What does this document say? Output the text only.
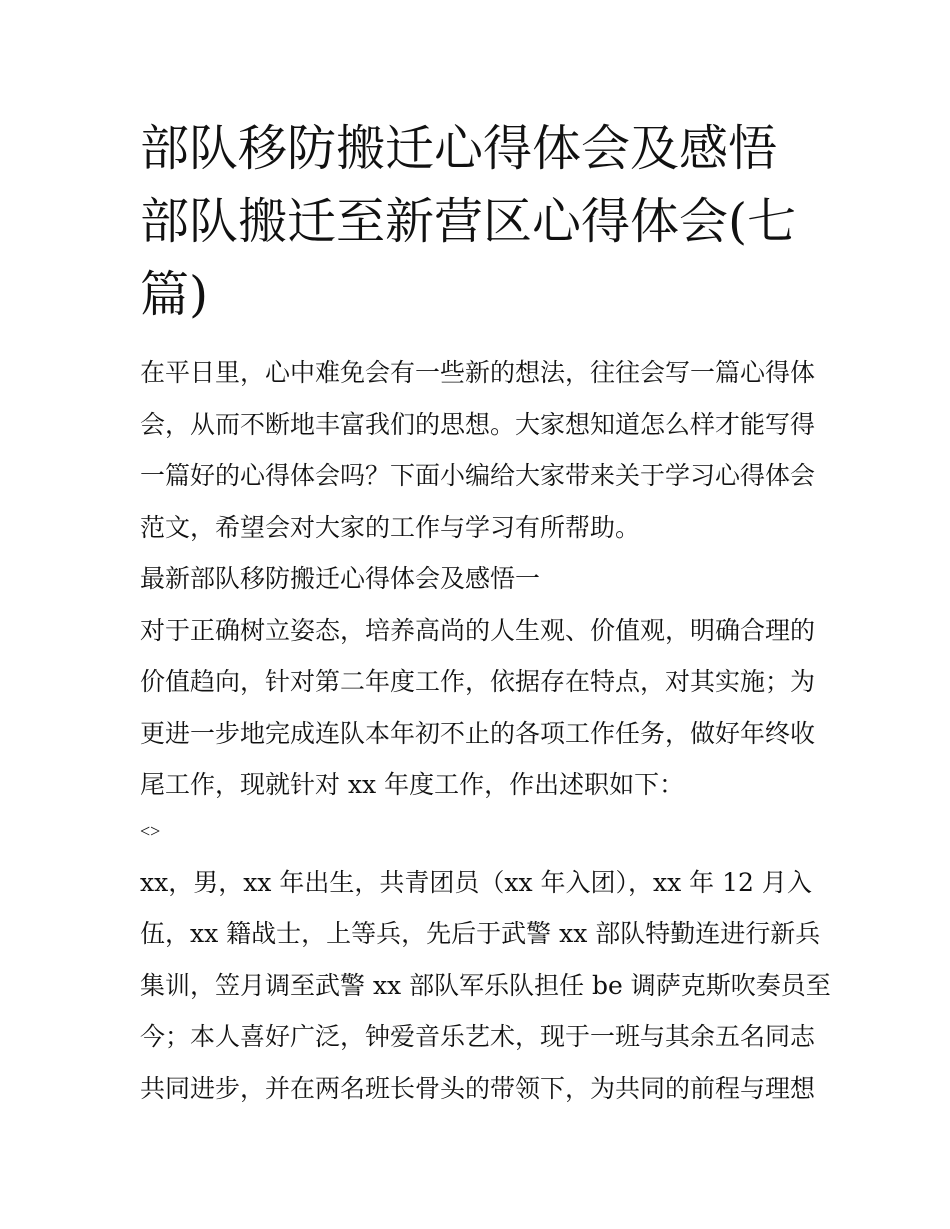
部队移防搬迁心得体会及感悟
部队搬迁至新营区心得体会(七
篇)
在平日里，心中难免会有一些新的想法，往往会写一篇心得体
会，从而不断地丰富我们的思想。大家想知道怎么样才能写得
一篇好的心得体会吗？下面小编给大家带来关于学习心得体会
范文，希望会对大家的工作与学习有所帮助。
最新部队移防搬迁心得体会及感悟一
对于正确树立姿态，培养高尚的人生观、价值观，明确合理的
价值趋向，针对第二年度工作，依据存在特点，对其实施；为
更进一步地完成连队本年初不止的各项工作任务，做好年终收
尾工作，现就针对 xx 年度工作，作出述职如下：
<>
xx，男，xx 年出生，共青团员（xx 年入团），xx 年 12 月入
伍，xx 籍战士，上等兵，先后于武警 xx 部队特勤连进行新兵
集训，笠月调至武警 xx 部队军乐队担任 be 调萨克斯吹奏员至
今；本人喜好广泛，钟爱音乐艺术，现于一班与其余五名同志
共同进步，并在两名班长骨头的带领下，为共同的前程与理想
